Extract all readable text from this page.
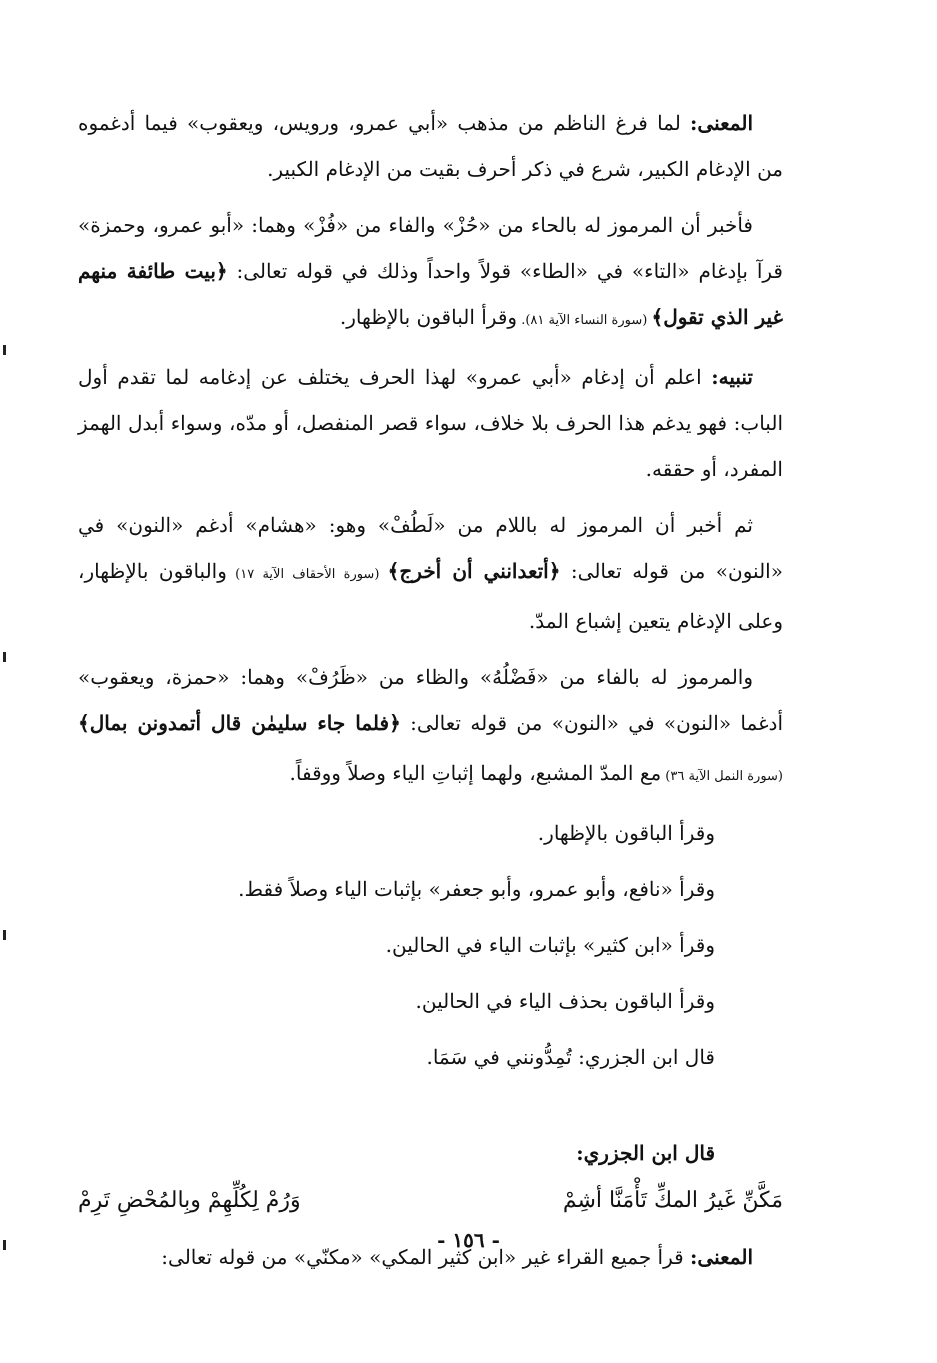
المعنى: لما فرغ الناظم من مذهب «أبي عمرو، ورويس، ويعقوب» فيما أدغموه من الإدغام الكبير، شرع في ذكر أحرف بقيت من الإدغام الكبير.

فأخبر أن المرموز له بالحاء من «حُزْ» والفاء من «فُزْ» وهما: «أبو عمرو، وحمزة» قرآ بإدغام «التاء» في «الطاء» قولاً واحداً وذلك في قوله تعالى: ﴿بيت طائفة منهم غير الذي تقول﴾ (سورة النساء الآية ٨١). وقرأ الباقون بالإظهار.

تنبيه: اعلم أن إدغام «أبي عمرو» لهذا الحرف يختلف عن إدغامه لما تقدم أول الباب: فهو يدغم هذا الحرف بلا خلاف، سواء قصر المنفصل، أو مدّه، وسواء أبدل الهمز المفرد، أو حققه.

ثم أخبر أن المرموز له باللام من «لَطُفْ» وهو: «هشام» أدغم «النون» في «النون» من قوله تعالى: ﴿أتعدانني أن أخرج﴾ (سورة الأحقاف الآية ١٧) والباقون بالإظهار، وعلى الإدغام يتعين إشباع المدّ.

والمرموز له بالفاء من «فَضْلُهُ» والظاء من «ظَرُفْ» وهما: «حمزة، ويعقوب» أدغما «النون» في «النون» من قوله تعالى: ﴿فلما جاء سليمٰن قال أتمدونن بمال﴾ (سورة النمل الآية ٣٦) مع المدّ المشبع، ولهما إثباتِ الياء وصلاً ووقفاً.

وقرأ الباقون بالإظهار.
وقرأ «نافع، وأبو عمرو، وأبو جعفر» بإثبات الياء وصلاً فقط.
وقرأ «ابن كثير» بإثبات الياء في الحالين.
وقرأ الباقون بحذف الياء في الحالين.
قال ابن الجزري: تُمِدُّونني في سَمَا.
قال ابن الجزري:
مَكَّنِّ غَيرُ المكِّ تَأْمَنَّا أشِمْ
وَرُمْ لِكُلِّهِمْ وبِالمُحْضِ تَرِمْ

المعنى: قرأ جميع القراء غير «ابن كثير المكي» «مكنّي» من قوله تعالى:

- ١٥٦ -
